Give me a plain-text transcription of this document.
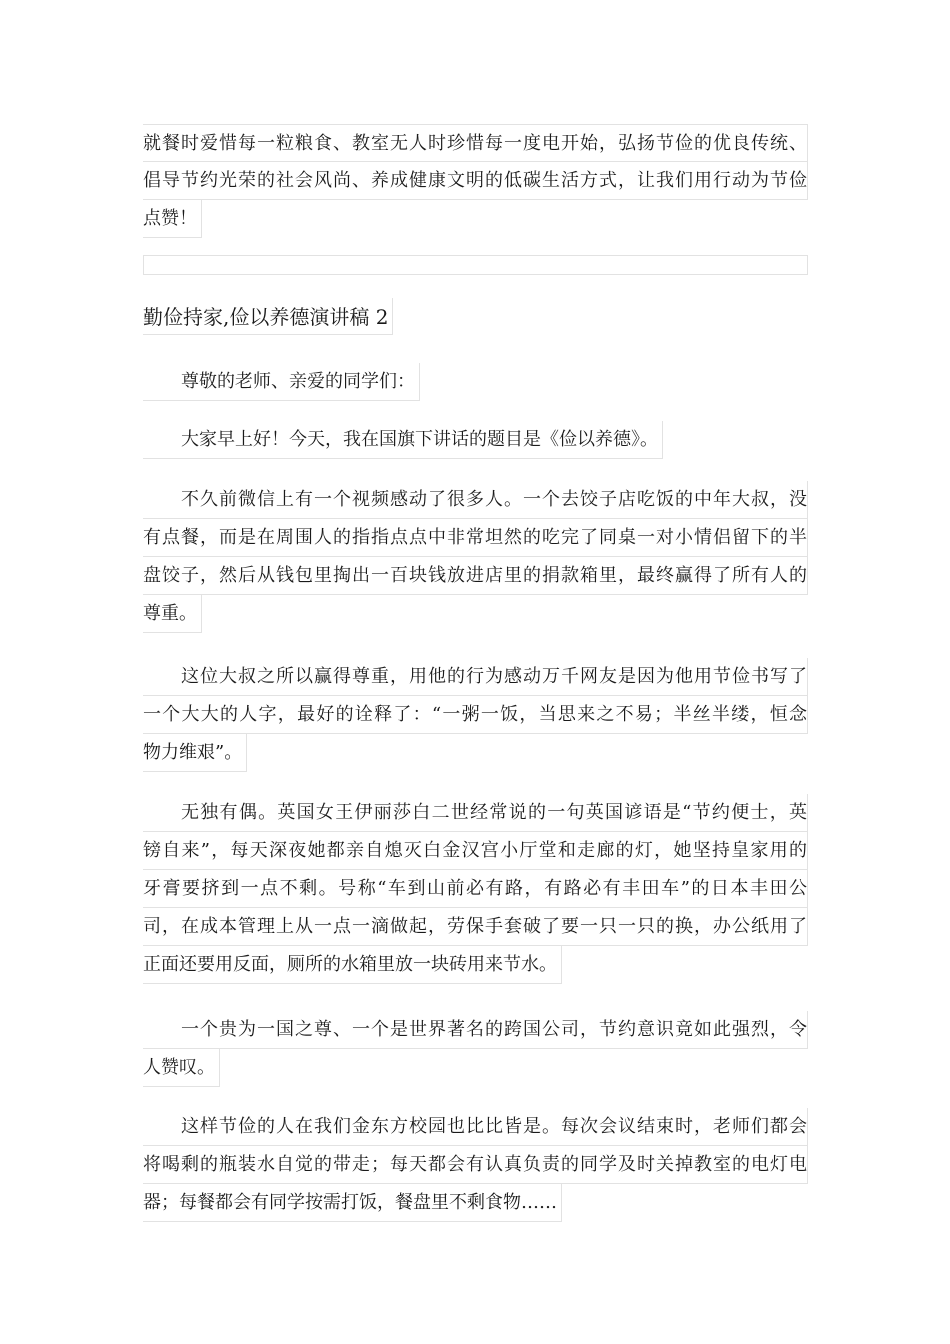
就餐时爱惜每一粒粮食、教室无人时珍惜每一度电开始，弘扬节俭的优良传统、
倡导节约光荣的社会风尚、养成健康文明的低碳生活方式，让我们用行动为节俭
点赞！
勤俭持家,俭以养德演讲稿 2
尊敬的老师、亲爱的同学们：
大家早上好！今天，我在国旗下讲话的题目是《俭以养德》。
不久前微信上有一个视频感动了很多人。一个去饺子店吃饭的中年大叔，没
有点餐，而是在周围人的指指点点中非常坦然的吃完了同桌一对小情侣留下的半
盘饺子，然后从钱包里掏出一百块钱放进店里的捐款箱里，最终赢得了所有人的
尊重。
这位大叔之所以赢得尊重，用他的行为感动万千网友是因为他用节俭书写了
一个大大的人字，最好的诠释了：“一粥一饭，当思来之不易；半丝半缕，恒念
物力维艰”。
无独有偶。英国女王伊丽莎白二世经常说的一句英国谚语是“节约便士，英
镑自来”，每天深夜她都亲自熄灭白金汉宫小厅堂和走廊的灯，她坚持皇家用的
牙膏要挤到一点不剩。号称“车到山前必有路，有路必有丰田车”的日本丰田公
司，在成本管理上从一点一滴做起，劳保手套破了要一只一只的换，办公纸用了
正面还要用反面，厕所的水箱里放一块砖用来节水。
一个贵为一国之尊、一个是世界著名的跨国公司，节约意识竟如此强烈，令
人赞叹。
这样节俭的人在我们金东方校园也比比皆是。每次会议结束时，老师们都会
将喝剩的瓶装水自觉的带走；每天都会有认真负责的同学及时关掉教室的电灯电
器；每餐都会有同学按需打饭，餐盘里不剩食物……
